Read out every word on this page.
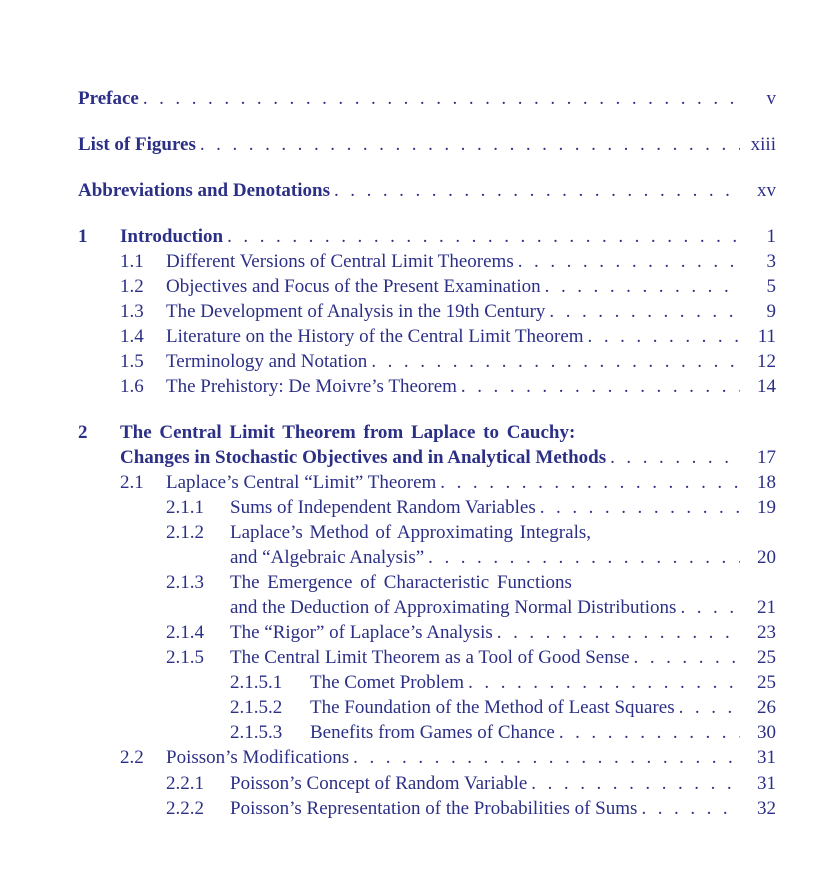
Preface . . .	v
List of Figures . . .	xiii
Abbreviations and Denotations . . .	xv
1 Introduction . . .	1
1.1 Different Versions of Central Limit Theorems . . .	3
1.2 Objectives and Focus of the Present Examination . . .	5
1.3 The Development of Analysis in the 19th Century . . .	9
1.4 Literature on the History of the Central Limit Theorem . . .	11
1.5 Terminology and Notation . . .	12
1.6 The Prehistory: De Moivre’s Theorem . . .	14
2 The Central Limit Theorem from Laplace to Cauchy:
Changes in Stochastic Objectives and in Analytical Methods . . .	17
2.1 Laplace’s Central “Limit” Theorem . . .	18
2.1.1 Sums of Independent Random Variables . . .	19
2.1.2 Laplace’s Method of Approximating Integrals,
and “Algebraic Analysis” . . .	20
2.1.3 The Emergence of Characteristic Functions
and the Deduction of Approximating Normal Distributions . . .	21
2.1.4 The “Rigor” of Laplace’s Analysis . . .	23
2.1.5 The Central Limit Theorem as a Tool of Good Sense . . .	25
2.1.5.1 The Comet Problem . . .	25
2.1.5.2 The Foundation of the Method of Least Squares . . .	26
2.1.5.3 Benefits from Games of Chance . . .	30
2.2 Poisson’s Modifications . . .	31
2.2.1 Poisson’s Concept of Random Variable . . .	31
2.2.2 Poisson’s Representation of the Probabilities of Sums . . .	32
